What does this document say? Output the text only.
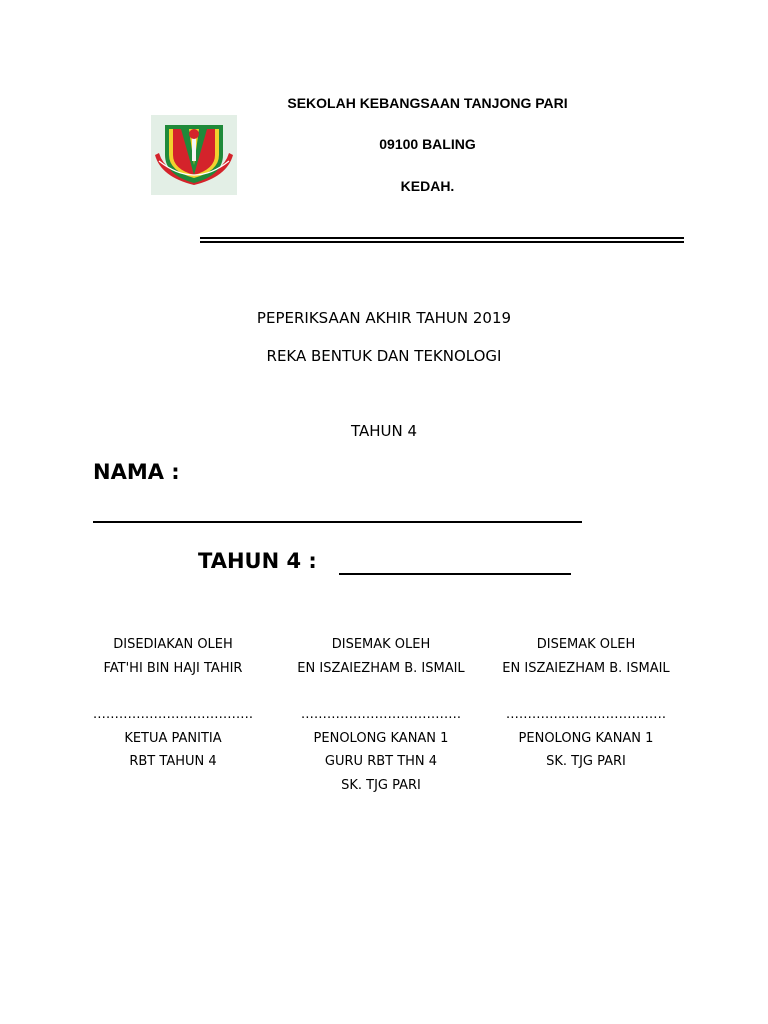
SEKOLAH KEBANGSAAN TANJONG PARI
09100 BALING
KEDAH.
PEPERIKSAAN AKHIR TAHUN 2019
REKA BENTUK DAN TEKNOLOGI
TAHUN 4
NAMA :
TAHUN 4 :
DISEDIAKAN OLEH
FAT'HI BIN HAJI TAHIR
……………………………….
KETUA PANITIA
RBT TAHUN 4
DISEMAK OLEH
EN ISZAIEZHAM B. ISMAIL
……………………………….
PENOLONG KANAN 1
GURU RBT THN 4
SK. TJG PARI
DISEMAK OLEH
EN ISZAIEZHAM B. ISMAIL
……………………………….
PENOLONG KANAN 1
SK. TJG PARI
